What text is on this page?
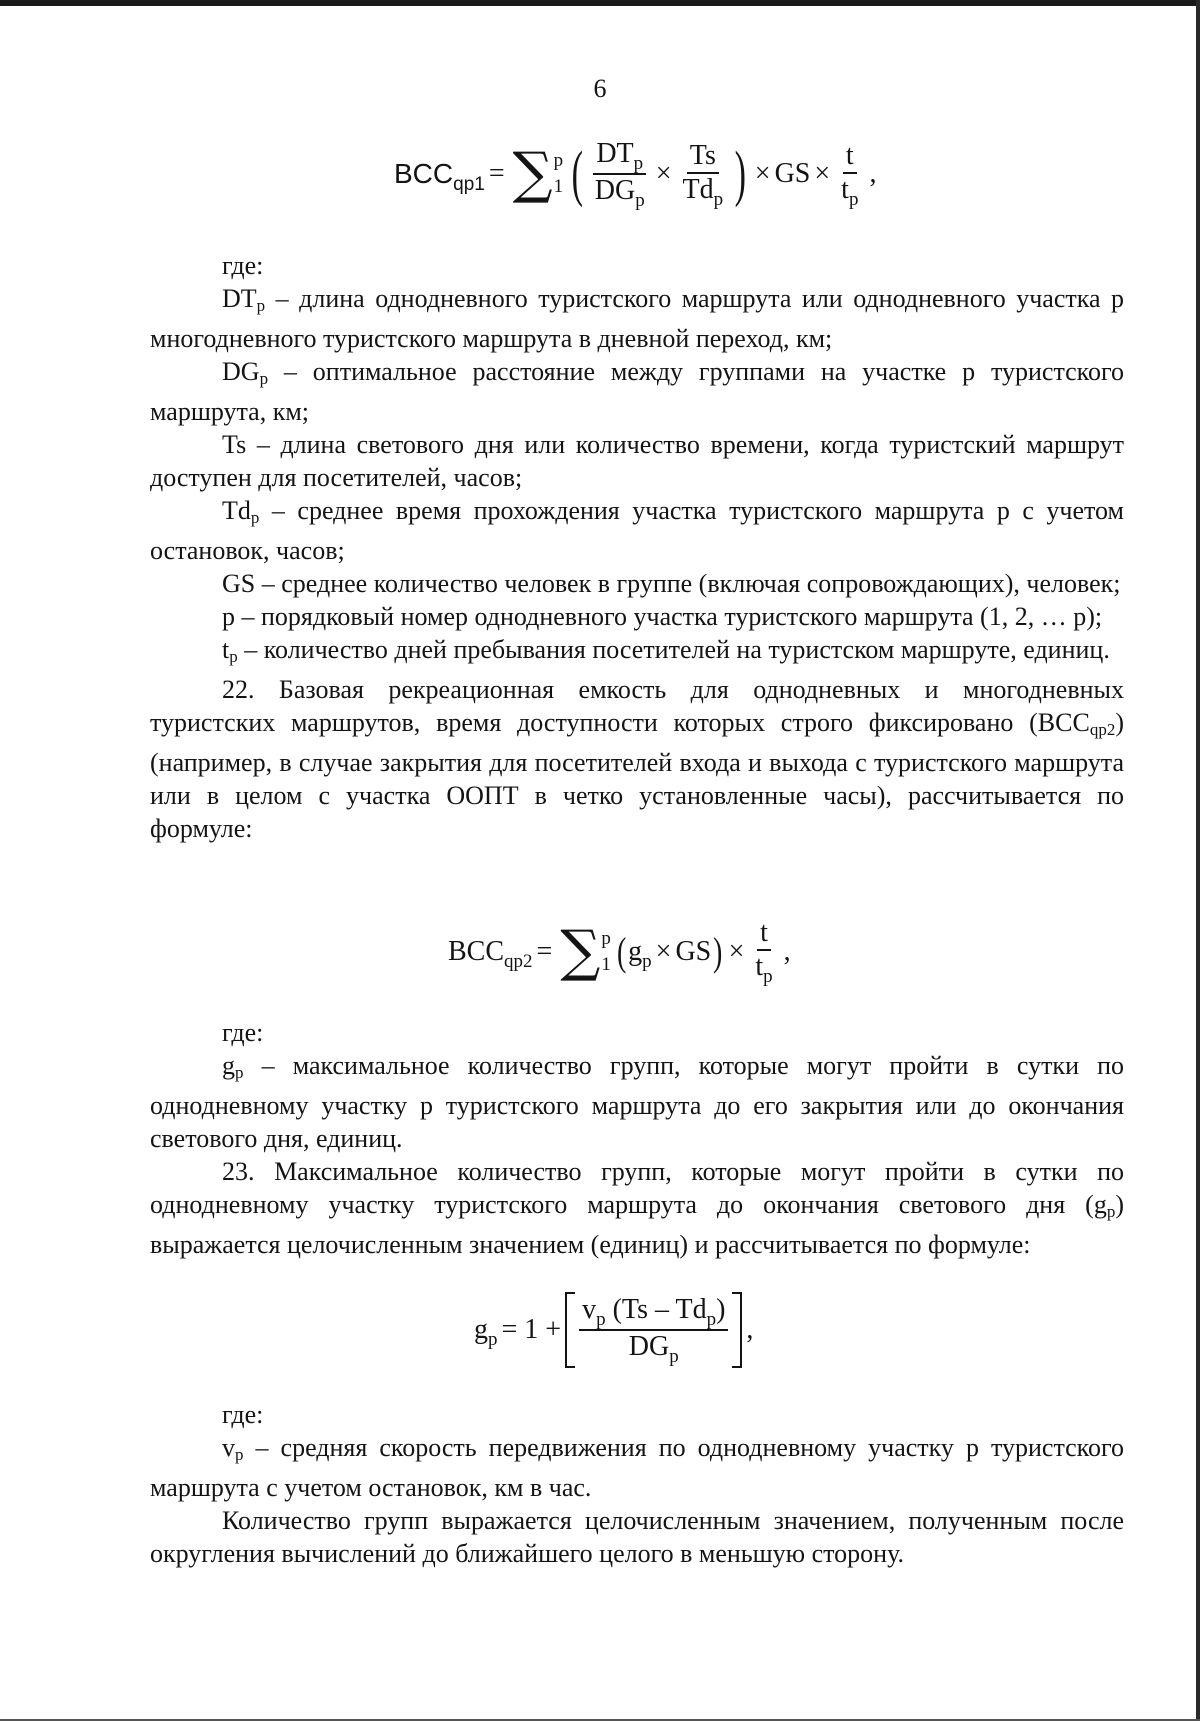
6
$BCC_{qp1}$ = ∑ p
1 ( $\frac{DT_p}{DG_p} \times \frac{Ts}{Td_p}$ ) × GS × $\frac{t}{t_p}$ ,

где:

DTp – длина однодневного туристского маршрута или однодневного участка p многодневного туристского маршрута в дневной переход, км;

DGp – оптимальное расстояние между группами на участке p туристского маршрута, км;

Ts – длина светового дня или количество времени, когда туристский маршрут доступен для посетителей, часов;

Tdp – среднее время прохождения участка туристского маршрута p с учетом остановок, часов;

GS – среднее количество человек в группе (включая сопровождающих), человек;

p – порядковый номер однодневного участка туристского маршрута (1, 2, … p);

tp – количество дней пребывания посетителей на туристском маршруте, единиц.

22. Базовая рекреационная емкость для однодневных и многодневных туристских маршрутов, время доступности которых строго фиксировано (BCCqp2) (например, в случае закрытия для посетителей входа и выхода с туристского маршрута или в целом с участка ООПТ в четко установленные часы), рассчитывается по формуле:

$BCC_{qp2}$ = ∑ p
1 ( $g_p$ × GS ) × $\frac{t}{t_p}$ ,

где:

gp – максимальное количество групп, которые могут пройти в сутки по однодневному участку p туристского маршрута до его закрытия или до окончания светового дня, единиц.

23. Максимальное количество групп, которые могут пройти в сутки по однодневному участку туристского маршрута до окончания светового дня (gp) выражается целочисленным значением (единиц) и рассчитывается по формуле:

$g_p = 1 + \frac{v_p (Ts - Td_p)}{DG_p}$ ,

где:

vp – средняя скорость передвижения по однодневному участку p туристского маршрута с учетом остановок, км в час.

Количество групп выражается целочисленным значением, полученным после округления вычислений до ближайшего целого в меньшую сторону.
